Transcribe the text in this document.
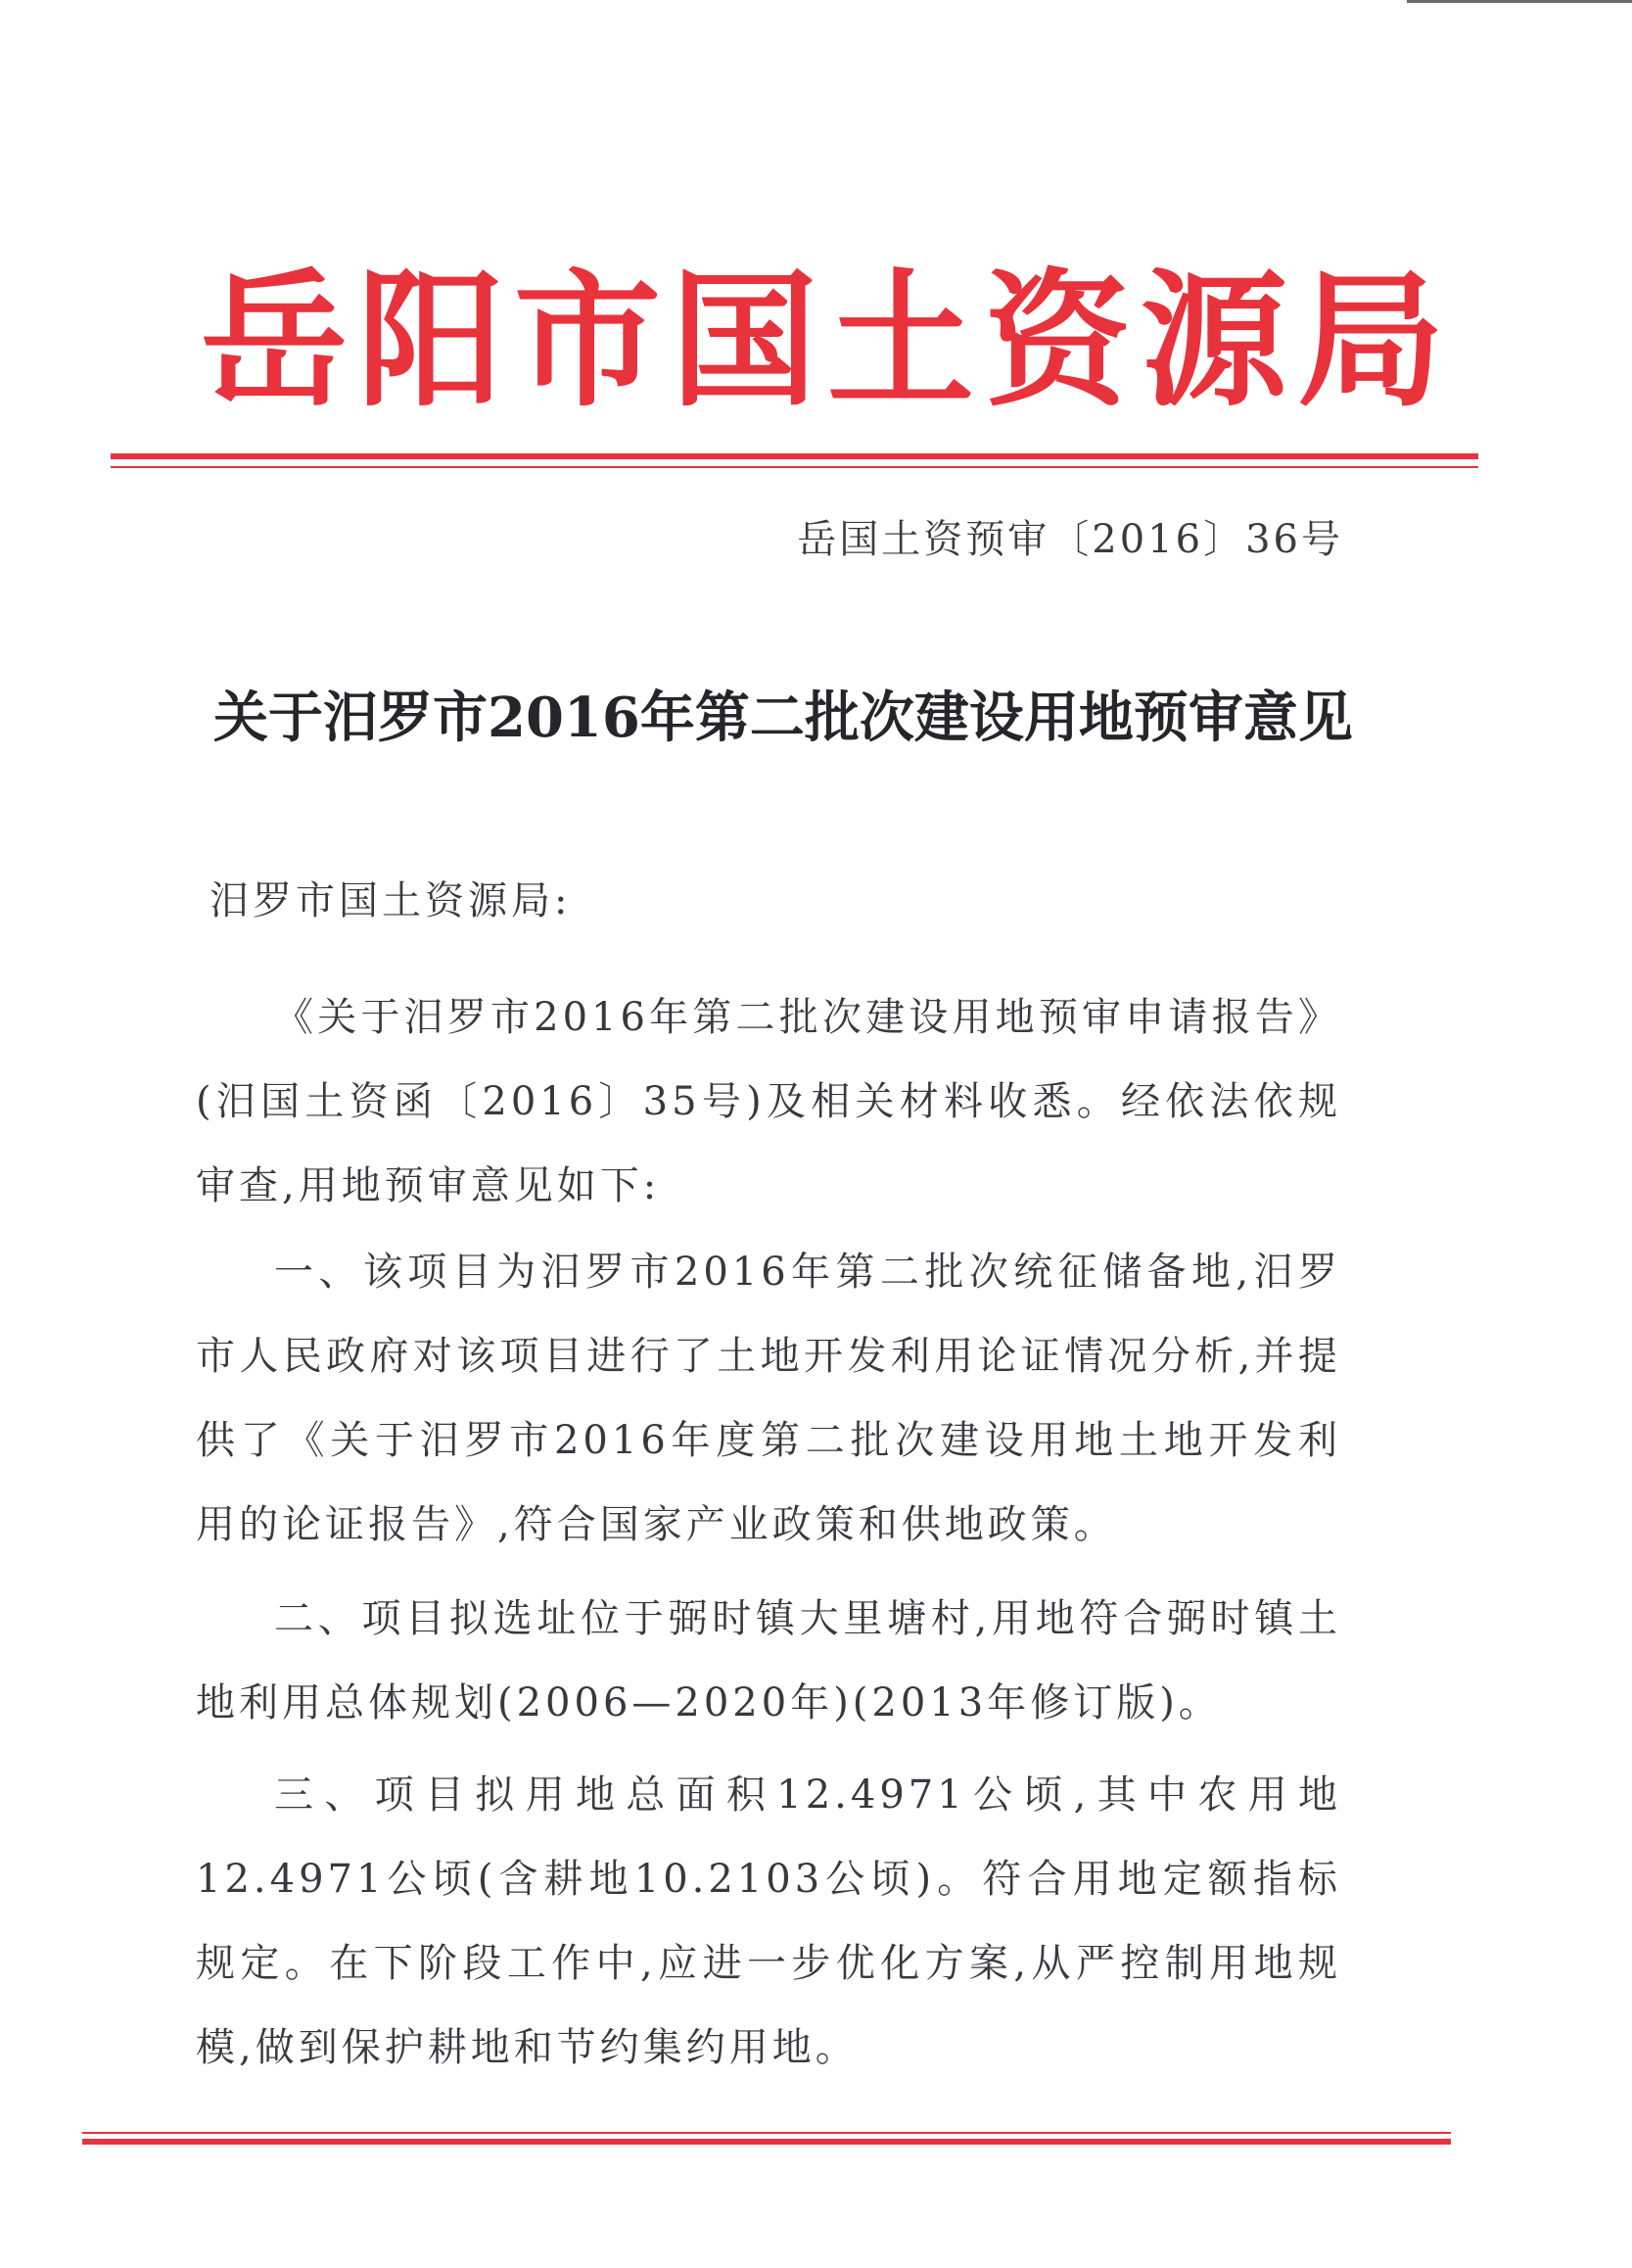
岳 阳 市 国 土 资 源 局
岳国土资预审〔2016〕36号
关于汨罗市2016年第二批次建设用地预审意见
汨罗市国土资源局:

《关于汨罗市2016年第二批次建设用地预审申请报告》(汨国土资函〔2016〕35号)及相关材料收悉。经依法依规审查,用地预审意见如下:

一、该项目为汨罗市2016年第二批次统征储备地,汨罗市人民政府对该项目进行了土地开发利用论证情况分析,并提供了《关于汨罗市2016年度第二批次建设用地土地开发利用的论证报告》,符合国家产业政策和供地政策。

二、项目拟选址位于弼时镇大里塘村,用地符合弼时镇土地利用总体规划(2006—2020年)(2013年修订版)。

三、项目拟用地总面积12.4971公顷,其中农用地12.4971公顷(含耕地10.2103公顷)。符合用地定额指标规定。在下阶段工作中,应进一步优化方案,从严控制用地规模,做到保护耕地和节约集约用地。
